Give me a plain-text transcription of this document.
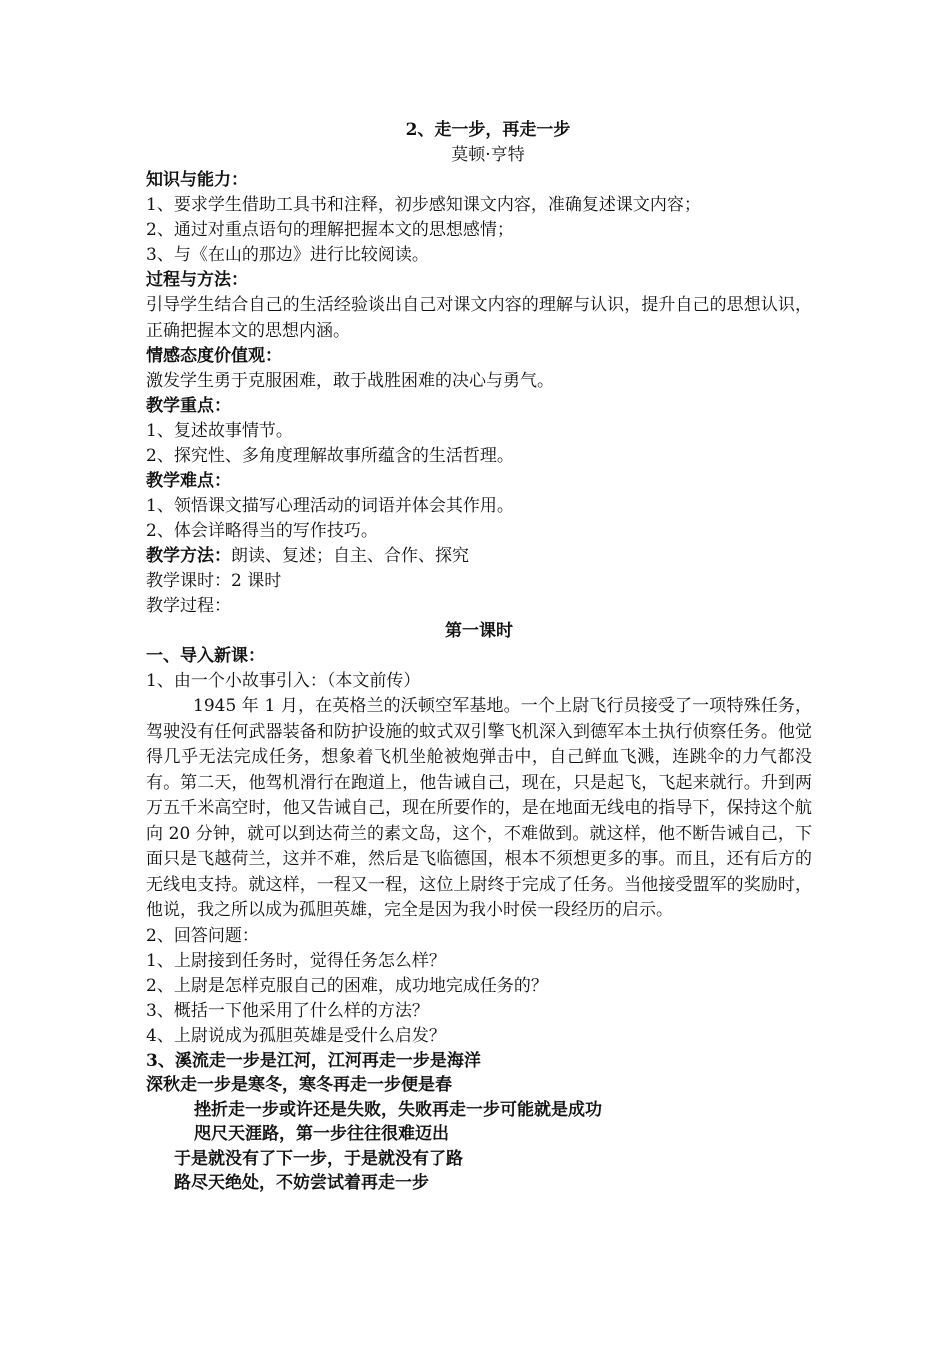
2、走一步，再走一步
莫顿·亨特
知识与能力：
1、要求学生借助工具书和注释，初步感知课文内容，准确复述课文内容；
2、通过对重点语句的理解把握本文的思想感情；
3、与《在山的那边》进行比较阅读。
过程与方法：
引导学生结合自己的生活经验谈出自己对课文内容的理解与认识，提升自己的思想认识，正确把握本文的思想内涵。
情感态度价值观：
激发学生勇于克服困难，敢于战胜困难的决心与勇气。
教学重点：
1、复述故事情节。
2、探究性、多角度理解故事所蕴含的生活哲理。
教学难点：
1、领悟课文描写心理活动的词语并体会其作用。
2、体会详略得当的写作技巧。
教学方法：朗读、复述；自主、合作、探究
教学课时：2 课时
教学过程：
第一课时
一、导入新课：
1、由一个小故事引入：（本文前传）
1945 年 1 月，在英格兰的沃顿空军基地。一个上尉飞行员接受了一项特殊任务，驾驶没有任何武器装备和防护设施的蚊式双引擎飞机深入到德军本土执行侦察任务。他觉得几乎无法完成任务，想象着飞机坐舱被炮弹击中，自己鲜血飞溅，连跳伞的力气都没有。第二天，他驾机滑行在跑道上，他告诫自己，现在，只是起飞，飞起来就行。升到两万五千米高空时，他又告诫自己，现在所要作的，是在地面无线电的指导下，保持这个航向 20 分钟，就可以到达荷兰的素文岛，这个，不难做到。就这样，他不断告诫自己，下面只是飞越荷兰，这并不难，然后是飞临德国，根本不须想更多的事。而且，还有后方的无线电支持。就这样，一程又一程，这位上尉终于完成了任务。当他接受盟军的奖励时，他说，我之所以成为孤胆英雄，完全是因为我小时侯一段经历的启示。
2、回答问题：
1、上尉接到任务时，觉得任务怎么样？
2、上尉是怎样克服自己的困难，成功地完成任务的？
3、概括一下他采用了什么样的方法？
4、上尉说成为孤胆英雄是受什么启发？
3、溪流走一步是江河，江河再走一步是海洋
深秋走一步是寒冬，寒冬再走一步便是春
挫折走一步或许还是失败，失败再走一步可能就是成功
咫尺天涯路，第一步往往很难迈出
于是就没有了下一步，于是就没有了路
路尽天绝处，不妨尝试着再走一步
